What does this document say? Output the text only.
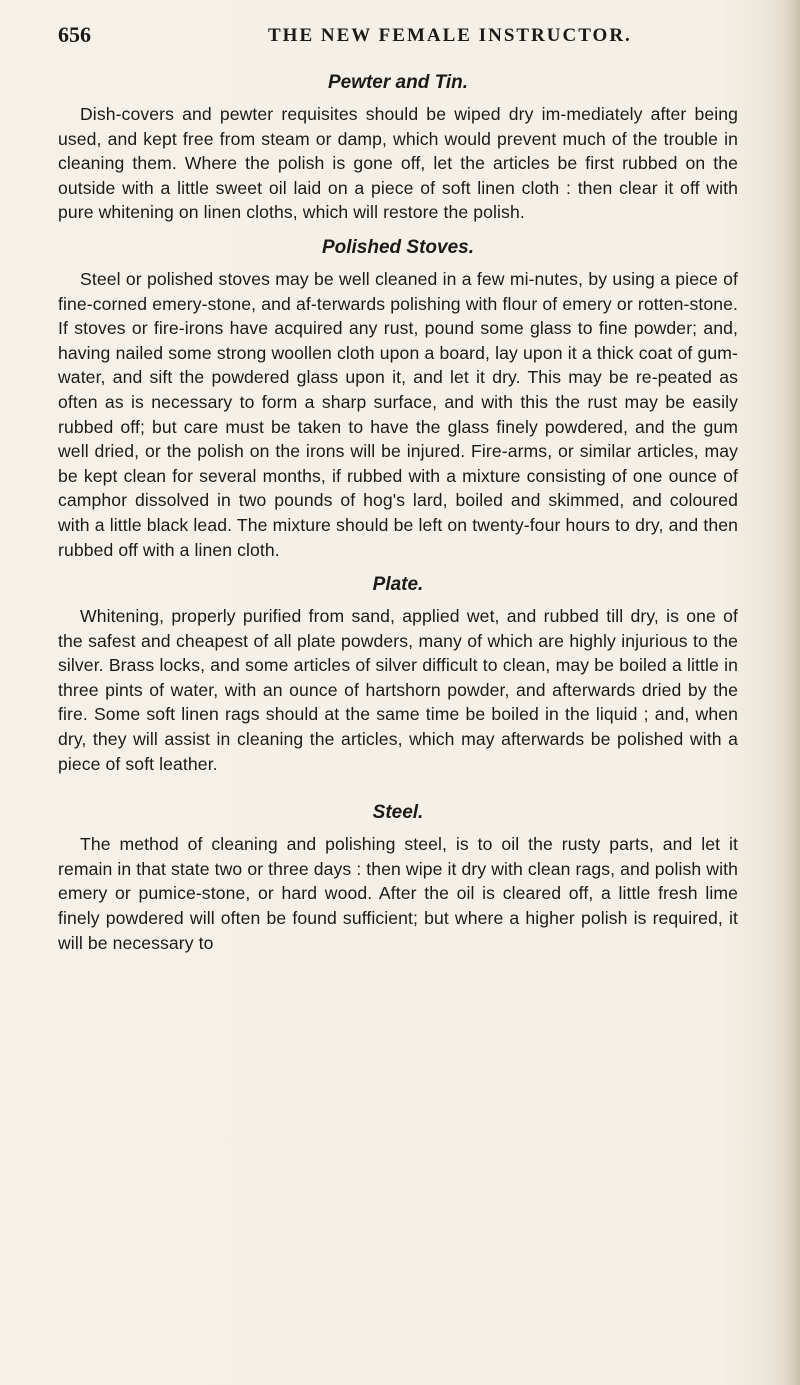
656	THE NEW FEMALE INSTRUCTOR.
Pewter and Tin.

Dish-covers and pewter requisites should be wiped dry im-mediately after being used, and kept free from steam or damp, which would prevent much of the trouble in cleaning them. Where the polish is gone off, let the articles be first rubbed on the outside with a little sweet oil laid on a piece of soft linen cloth : then clear it off with pure whitening on linen cloths, which will restore the polish.

Polished Stoves.

Steel or polished stoves may be well cleaned in a few mi-nutes, by using a piece of fine-corned emery-stone, and af-terwards polishing with flour of emery or rotten-stone. If stoves or fire-irons have acquired any rust, pound some glass to fine powder; and, having nailed some strong woollen cloth upon a board, lay upon it a thick coat of gum-water, and sift the powdered glass upon it, and let it dry. This may be re-peated as often as is necessary to form a sharp surface, and with this the rust may be easily rubbed off; but care must be taken to have the glass finely powdered, and the gum well dried, or the polish on the irons will be injured. Fire-arms, or similar articles, may be kept clean for several months, if rubbed with a mixture consisting of one ounce of camphor dissolved in two pounds of hog's lard, boiled and skimmed, and coloured with a little black lead. The mixture should be left on twenty-four hours to dry, and then rubbed off with a linen cloth.

Plate.

Whitening, properly purified from sand, applied wet, and rubbed till dry, is one of the safest and cheapest of all plate powders, many of which are highly injurious to the silver. Brass locks, and some articles of silver difficult to clean, may be boiled a little in three pints of water, with an ounce of hartshorn powder, and afterwards dried by the fire. Some soft linen rags should at the same time be boiled in the liquid ; and, when dry, they will assist in cleaning the articles, which may afterwards be polished with a piece of soft leather.

Steel.

The method of cleaning and polishing steel, is to oil the rusty parts, and let it remain in that state two or three days : then wipe it dry with clean rags, and polish with emery or pumice-stone, or hard wood. After the oil is cleared off, a little fresh lime finely powdered will often be found sufficient; but where a higher polish is required, it will be necessary to
